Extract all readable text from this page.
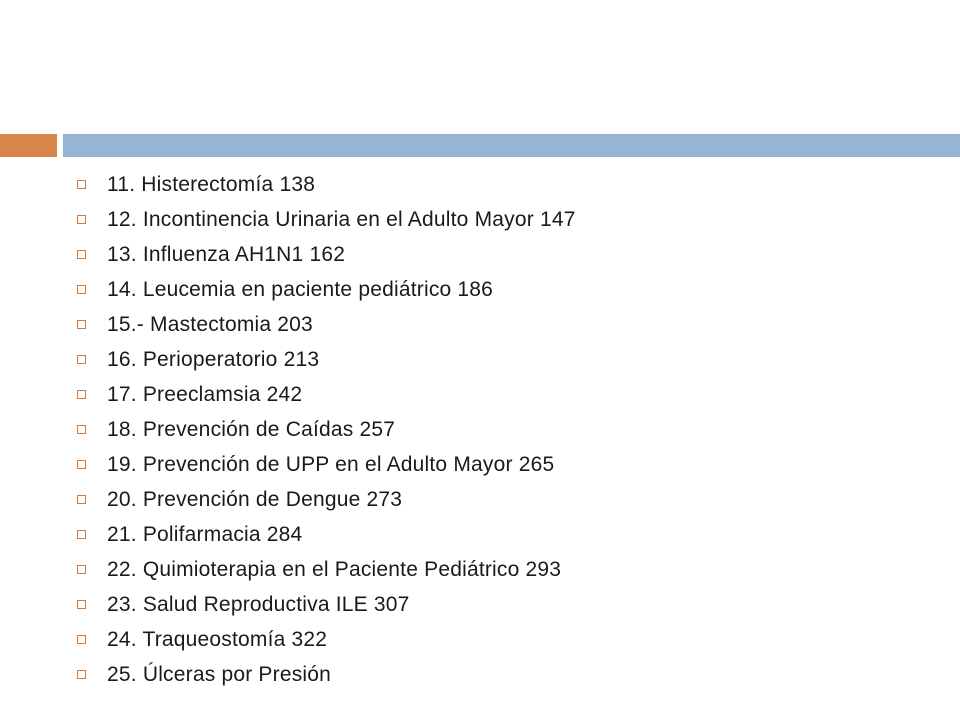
11. Histerectomía 138
12. Incontinencia Urinaria en el Adulto Mayor 147
13. Influenza AH1N1 162
14. Leucemia en paciente pediátrico 186
15.- Mastectomia 203
16. Perioperatorio 213
17. Preeclamsia 242
18. Prevención de Caídas 257
19. Prevención de UPP en el Adulto Mayor 265
20. Prevención de Dengue 273
21. Polifarmacia 284
22. Quimioterapia en el Paciente Pediátrico 293
23. Salud Reproductiva ILE 307
24. Traqueostomía 322
25. Úlceras por Presión
